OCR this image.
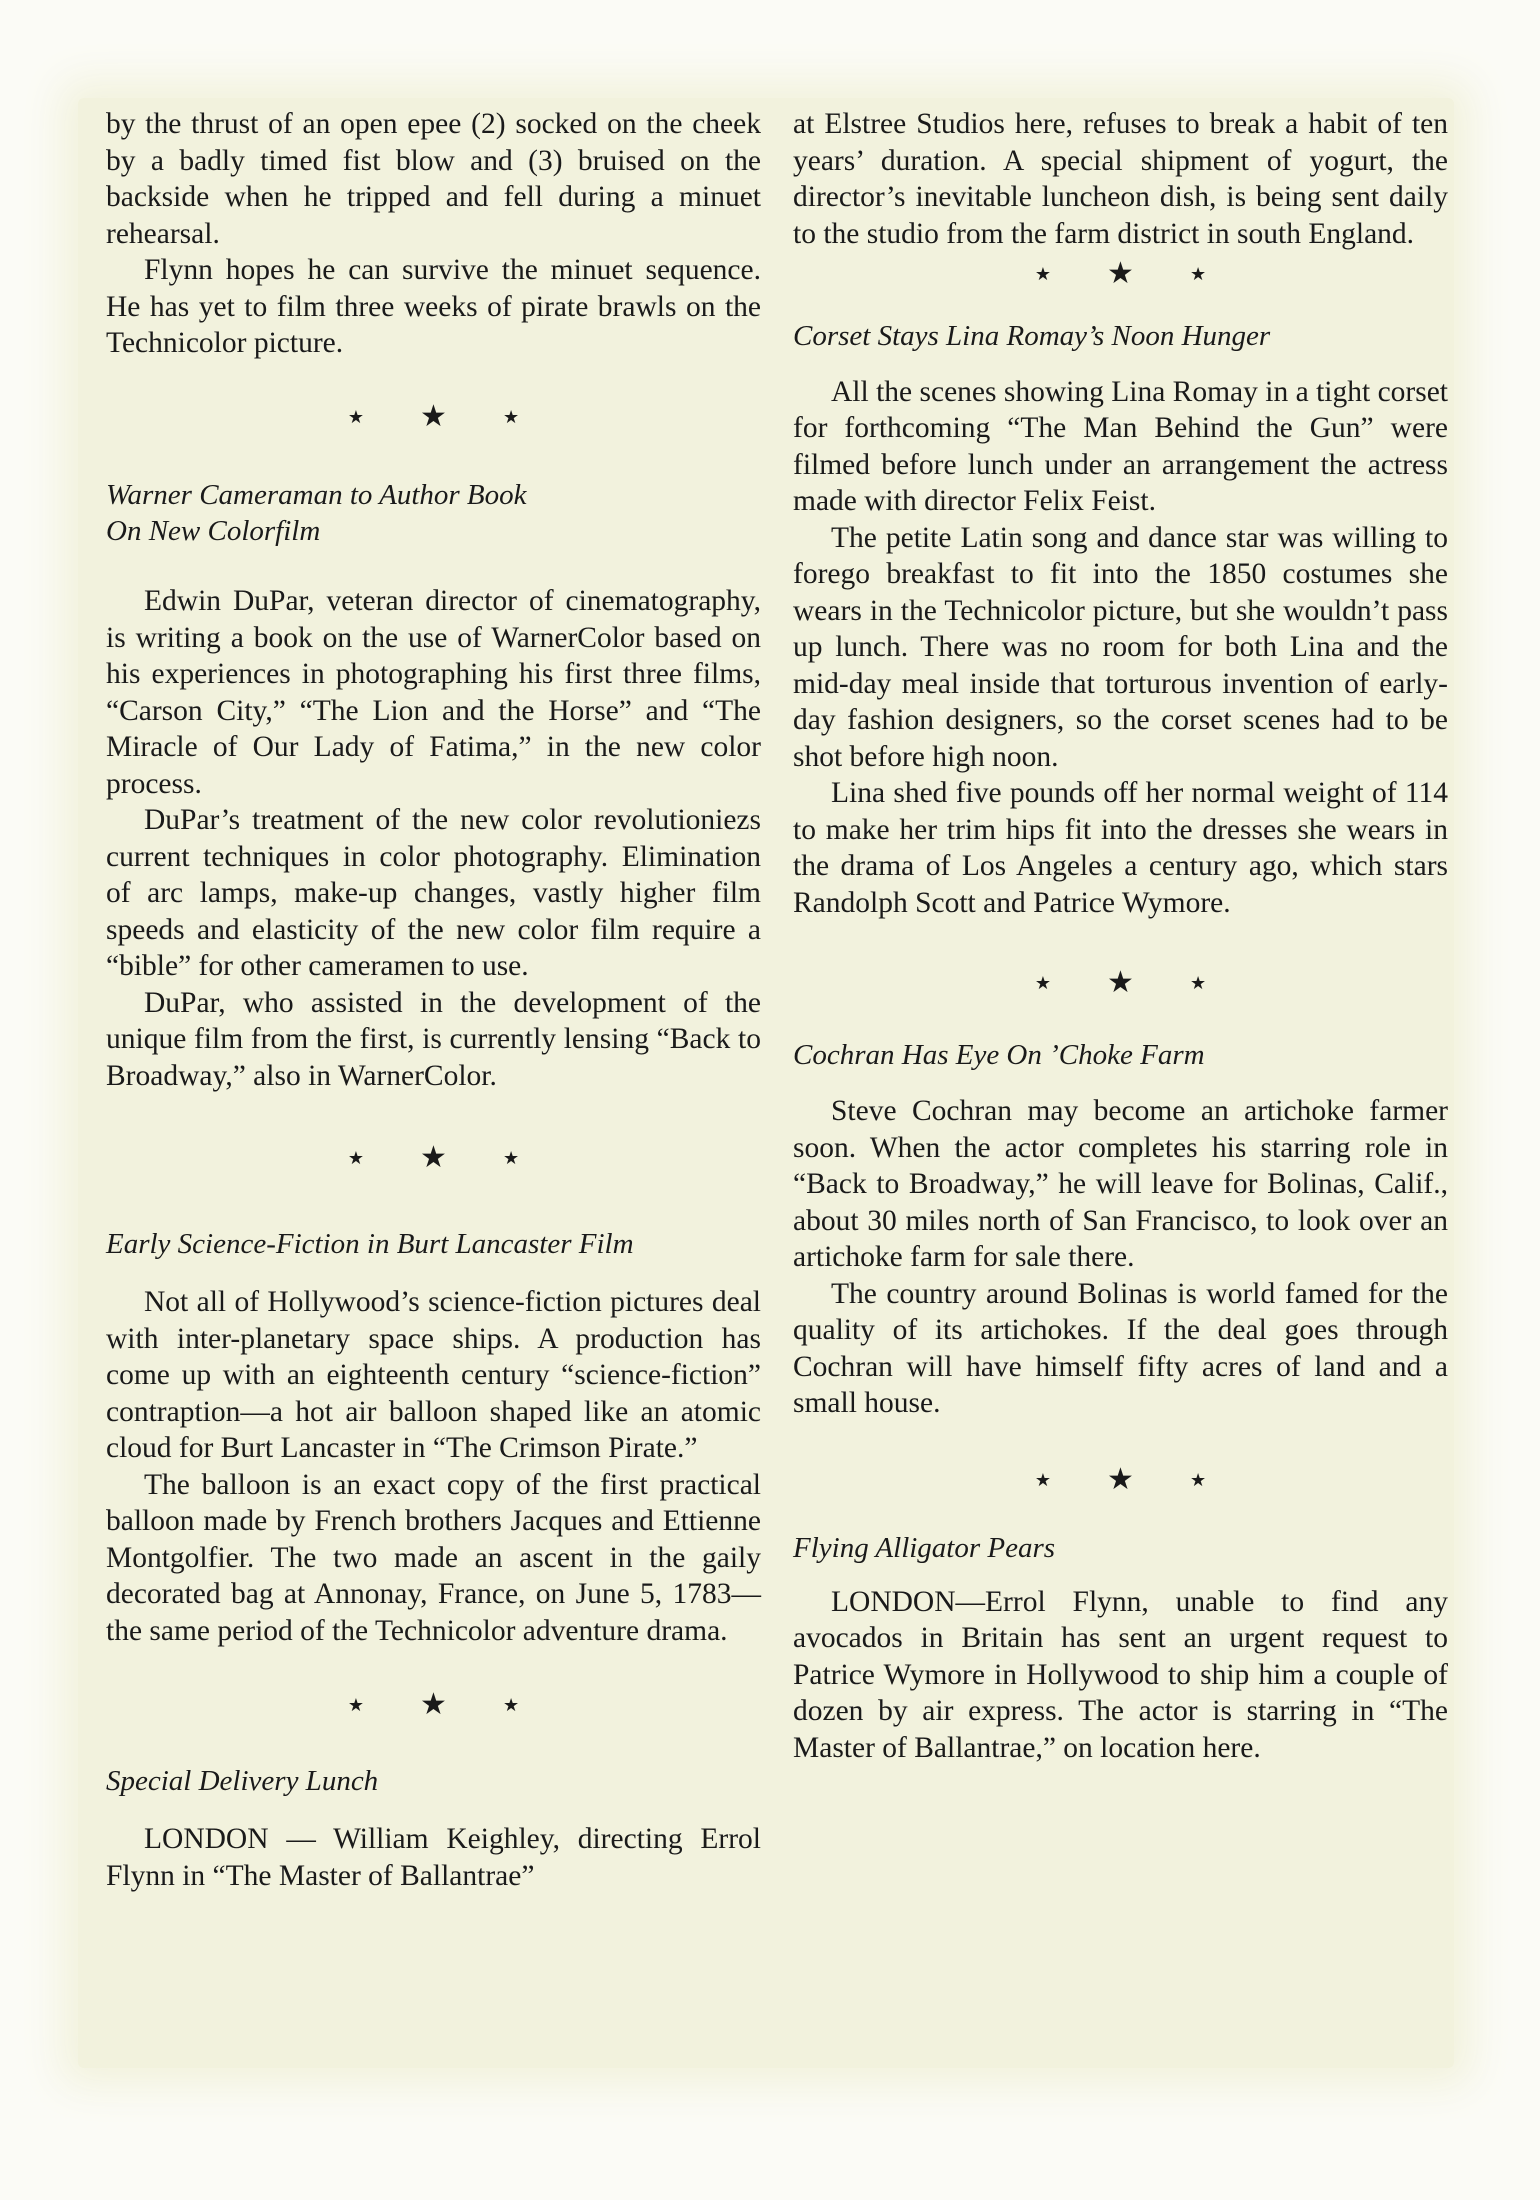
by the thrust of an open epee (2) socked on the cheek by a badly timed fist blow and (3) bruised on the backside when he tripped and fell during a minuet rehearsal.

Flynn hopes he can survive the minuet sequence. He has yet to film three weeks of pirate brawls on the Technicolor picture.

★ ★	★
Warner Cameraman to Author Book
On New Colorfilm

Edwin DuPar, veteran director of cinematography, is writing a book on the use of WarnerColor based on his experiences in photographing his first three films, “Carson City,” “The Lion and the Horse” and “The Miracle of Our Lady of Fatima,” in the new color process.

DuPar’s treatment of the new color revolutioniezs current techniques in color photography. Elimination of arc lamps, make-up changes, vastly higher film speeds and elasticity of the new color film require a “bible” for other cameramen to use.

DuPar, who assisted in the development of the unique film from the first, is currently lensing “Back to Broadway,” also in WarnerColor.

★ ★	★
Early Science-Fiction in Burt Lancaster Film

Not all of Hollywood’s science-fiction pictures deal with inter-planetary space ships. A production has come up with an eighteenth century “science-fiction” contraption—a hot air balloon shaped like an atomic cloud for Burt Lancaster in “The Crimson Pirate.”

The balloon is an exact copy of the first practical balloon made by French brothers Jacques and Ettienne Montgolfier. The two made an ascent in the gaily decorated bag at Annonay, France, on June 5, 1783—the same period of the Technicolor adventure drama.

★ ★	★
Special Delivery Lunch

LONDON — William Keighley, directing Errol Flynn in “The Master of Ballantrae”

at Elstree Studios here, refuses to break a habit of ten years’ duration. A special shipment of yogurt, the director’s inevitable luncheon dish, is being sent daily to the studio from the farm district in south England.

★ ★	★
Corset Stays Lina Romay’s Noon Hunger

All the scenes showing Lina Romay in a tight corset for forthcoming “The Man Behind the Gun” were filmed before lunch under an arrangement the actress made with director Felix Feist.

The petite Latin song and dance star was willing to forego breakfast to fit into the 1850 costumes she wears in the Technicolor picture, but she wouldn’t pass up lunch. There was no room for both Lina and the mid-day meal inside that torturous invention of early-day fashion designers, so the corset scenes had to be shot before high noon.

Lina shed five pounds off her normal weight of 114 to make her trim hips fit into the dresses she wears in the drama of Los Angeles a century ago, which stars Randolph Scott and Patrice Wymore.

★ ★	★
Cochran Has Eye On ’Choke Farm

Steve Cochran may become an artichoke farmer soon. When the actor completes his starring role in “Back to Broadway,” he will leave for Bolinas, Calif., about 30 miles north of San Francisco, to look over an artichoke farm for sale there.

The country around Bolinas is world famed for the quality of its artichokes. If the deal goes through Cochran will have himself fifty acres of land and a small house.

★ ★	★
Flying Alligator Pears

LONDON—Errol Flynn, unable to find any avocados in Britain has sent an urgent request to Patrice Wymore in Hollywood to ship him a couple of dozen by air express. The actor is starring in “The Master of Ballantrae,” on location here.
